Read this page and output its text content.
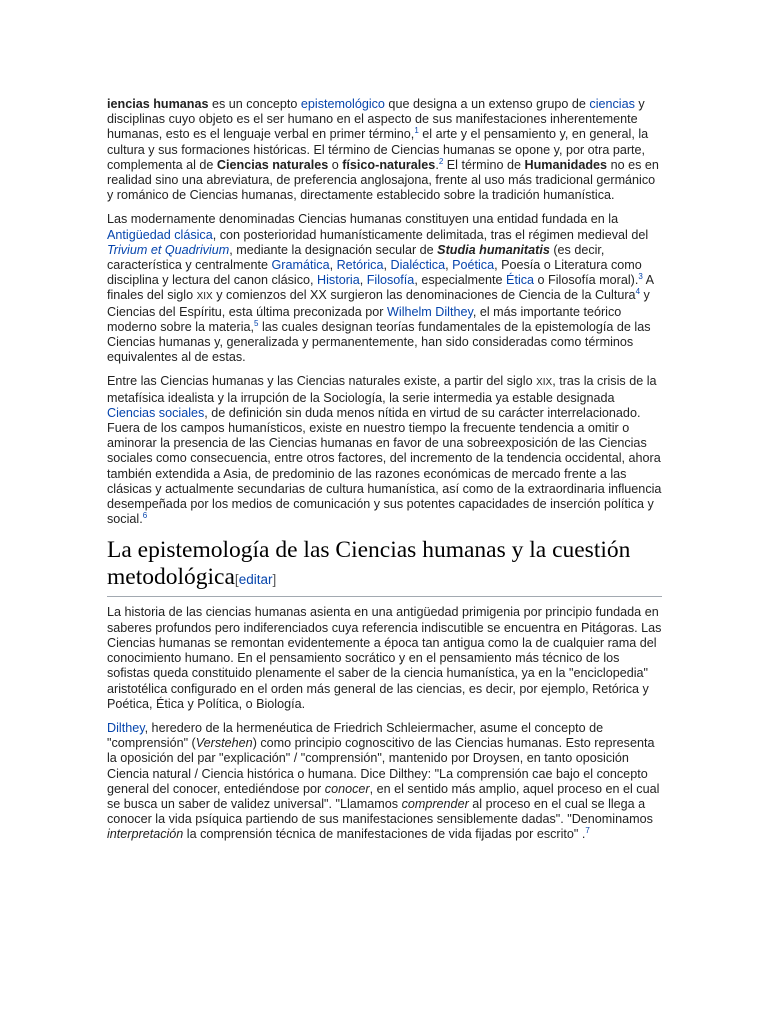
iencias humanas es un concepto epistemológico que designa a un extenso grupo de ciencias y disciplinas cuyo objeto es el ser humano en el aspecto de sus manifestaciones inherentemente humanas, esto es el lenguaje verbal en primer término,$^1$ el arte y el pensamiento y, en general, la cultura y sus formaciones históricas. El término de Ciencias humanas se opone y, por otra parte, complementa al de Ciencias naturales o físico-naturales.$^2$ El término de Humanidades no es en realidad sino una abreviatura, de preferencia anglosajona, frente al uso más tradicional germánico y románico de Ciencias humanas, directamente establecido sobre la tradición humanística.

Las modernamente denominadas Ciencias humanas constituyen una entidad fundada en la Antigüedad clásica, con posterioridad humanísticamente delimitada, tras el régimen medieval del Trivium et Quadrivium, mediante la designación secular de Studia humanitatis (es decir, característica y centralmente Gramática, Retórica, Dialéctica, Poética, Poesía o Literatura como disciplina y lectura del canon clásico, Historia, Filosofía, especialmente Ética o Filosofía moral).$^3$ A finales del siglo XIX y comienzos del XX surgieron las denominaciones de Ciencia de la Cultura$^4$ y Ciencias del Espíritu, esta última preconizada por Wilhelm Dilthey, el más importante teórico moderno sobre la materia,$^5$ las cuales designan teorías fundamentales de la epistemología de las Ciencias humanas y, generalizada y permanentemente, han sido consideradas como términos equivalentes al de estas.

Entre las Ciencias humanas y las Ciencias naturales existe, a partir del siglo XIX, tras la crisis de la metafísica idealista y la irrupción de la Sociología, la serie intermedia ya estable designada Ciencias sociales, de definición sin duda menos nítida en virtud de su carácter interrelacionado. Fuera de los campos humanísticos, existe en nuestro tiempo la frecuente tendencia a omitir o aminorar la presencia de las Ciencias humanas en favor de una sobreexposición de las Ciencias sociales como consecuencia, entre otros factores, del incremento de la tendencia occidental, ahora también extendida a Asia, de predominio de las razones económicas de mercado frente a las clásicas y actualmente secundarias de cultura humanística, así como de la extraordinaria influencia desempeñada por los medios de comunicación y sus potentes capacidades de inserción política y social.$^6$

La epistemología de las Ciencias humanas y la cuestión metodológica[editar]

La historia de las ciencias humanas asienta en una antigüedad primigenia por principio fundada en saberes profundos pero indiferenciados cuya referencia indiscutible se encuentra en Pitágoras. Las Ciencias humanas se remontan evidentemente a época tan antigua como la de cualquier rama del conocimiento humano. En el pensamiento socrático y en el pensamiento más técnico de los sofistas queda constituido plenamente el saber de la ciencia humanística, ya en la "enciclopedia" aristotélica configurado en el orden más general de las ciencias, es decir, por ejemplo, Retórica y Poética, Ética y Política, o Biología.

Dilthey, heredero de la hermenéutica de Friedrich Schleiermacher, asume el concepto de "comprensión" (Verstehen) como principio cognoscitivo de las Ciencias humanas. Esto representa la oposición del par "explicación" / "comprensión", mantenido por Droysen, en tanto oposición Ciencia natural / Ciencia histórica o humana. Dice Dilthey: "La comprensión cae bajo el concepto general del conocer, entediéndose por conocer, en el sentido más amplio, aquel proceso en el cual se busca un saber de validez universal". "Llamamos comprender al proceso en el cual se llega a conocer la vida psíquica partiendo de sus manifestaciones sensiblemente dadas". "Denominamos interpretación la comprensión técnica de manifestaciones de vida fijadas por escrito" .$^7$
